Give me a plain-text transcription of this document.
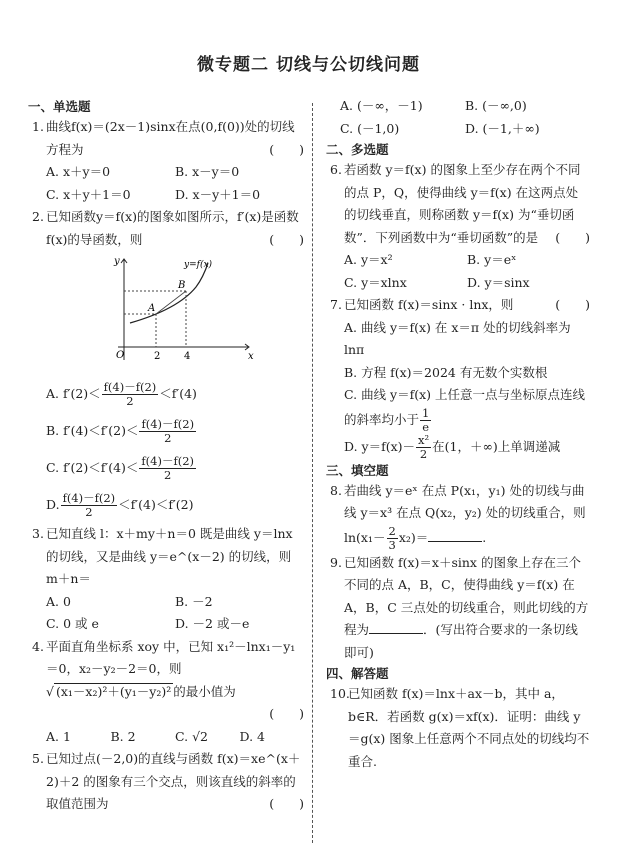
微专题二 切线与公切线问题
一、单选题
1. 曲线f(x)＝(2x－1)sinx在点(0,f(0))处的切线方程为	(　　)
A. x＋y＝0	B. x－y＝0
C. x＋y＋1＝0	D. x－y＋1＝0
2. 已知函数y＝f(x)的图象如图所示，f′(x)是函数f(x)的导函数，则	(　　)
O	x
y
2 4
A
B
y=f(x)
A. $f'(2)< \frac{f(4)-f(2)}{2} <f'(4)$
B. $f'(4)<f'(2)< \frac{f(4)-f(2)}{2}$
C. $f'(2)<f'(4)< \frac{f(4)-f(2)}{2}$
D. $\frac{f(4)-f(2)}{2} <f'(4)<f'(2)$
3. 已知直线 l：x＋my＋n＝0 既是曲线 y＝lnx 的切线，又是曲线 y＝e^(x－2) 的切线，则 m＋n＝
A. 0	B. －2
C. 0 或 e	D. －2 或－e
4. 平面直角坐标系 xoy 中，已知 x₁²－lnx₁－y₁＝0，x₂－y₂－2＝0，则
√ (x₁－x₂)²＋(y₁－y₂)² 的最小值为

(　　)

A. 1	B. 2	C. √2	D. 4
5. 已知过点(－2,0)的直线与函数 f(x)＝xe^(x＋2)＋2 的图象有三个交点，则该直线的斜率的取值范围为	(　　)
A. (－∞，－1)	B. (－∞,0)
C. (－1,0)	D. (－1,＋∞)
二、多选题
6. 若函数 y＝f(x) 的图象上至少存在两个不同的点 P，Q，使得曲线 y＝f(x) 在这两点处的切线垂直，则称函数 y＝f(x) 为“垂切函数”．下列函数中为“垂切函数”的是 (　　)
A. y＝x²	B. y＝eˣ
C. y＝xlnx	D. y＝sinx
7. 已知函数 f(x)＝sinx · lnx，则	(　　)
A. 曲线 y＝f(x) 在 x＝π 处的切线斜率为 lnπ
B. 方程 f(x)＝2024 有无数个实数根
C. 曲线 y＝f(x) 上任意一点与坐标原点连线的斜率均小于 $\frac{1}{e}$
D. $y=f(x)- \frac{\text{x²}}{2}$ 在(1，＋∞)上单调递减
三、填空题
8. 若曲线 y＝eˣ 在点 P(x₁，y₁) 处的切线与曲线 y＝x³ 在点 Q(x₂，y₂) 处的切线重合，则 $\ln(x_1- \frac{2}{3} x_2)=$	.
9. 已知函数 f(x)＝x＋sinx 的图象上存在三个不同的点 A，B，C，使得曲线 y＝f(x) 在 A，B，C 三点处的切线重合，则此切线的方程为	．(写出符合要求的一条切线即可)
四、解答题
10.
已知函数 f(x)＝lnx＋ax－b，其中 a，b∈R．若函数 g(x)＝xf(x)．证明：曲线 y＝g(x) 图象上任意两个不同点处的切线均不重合.
